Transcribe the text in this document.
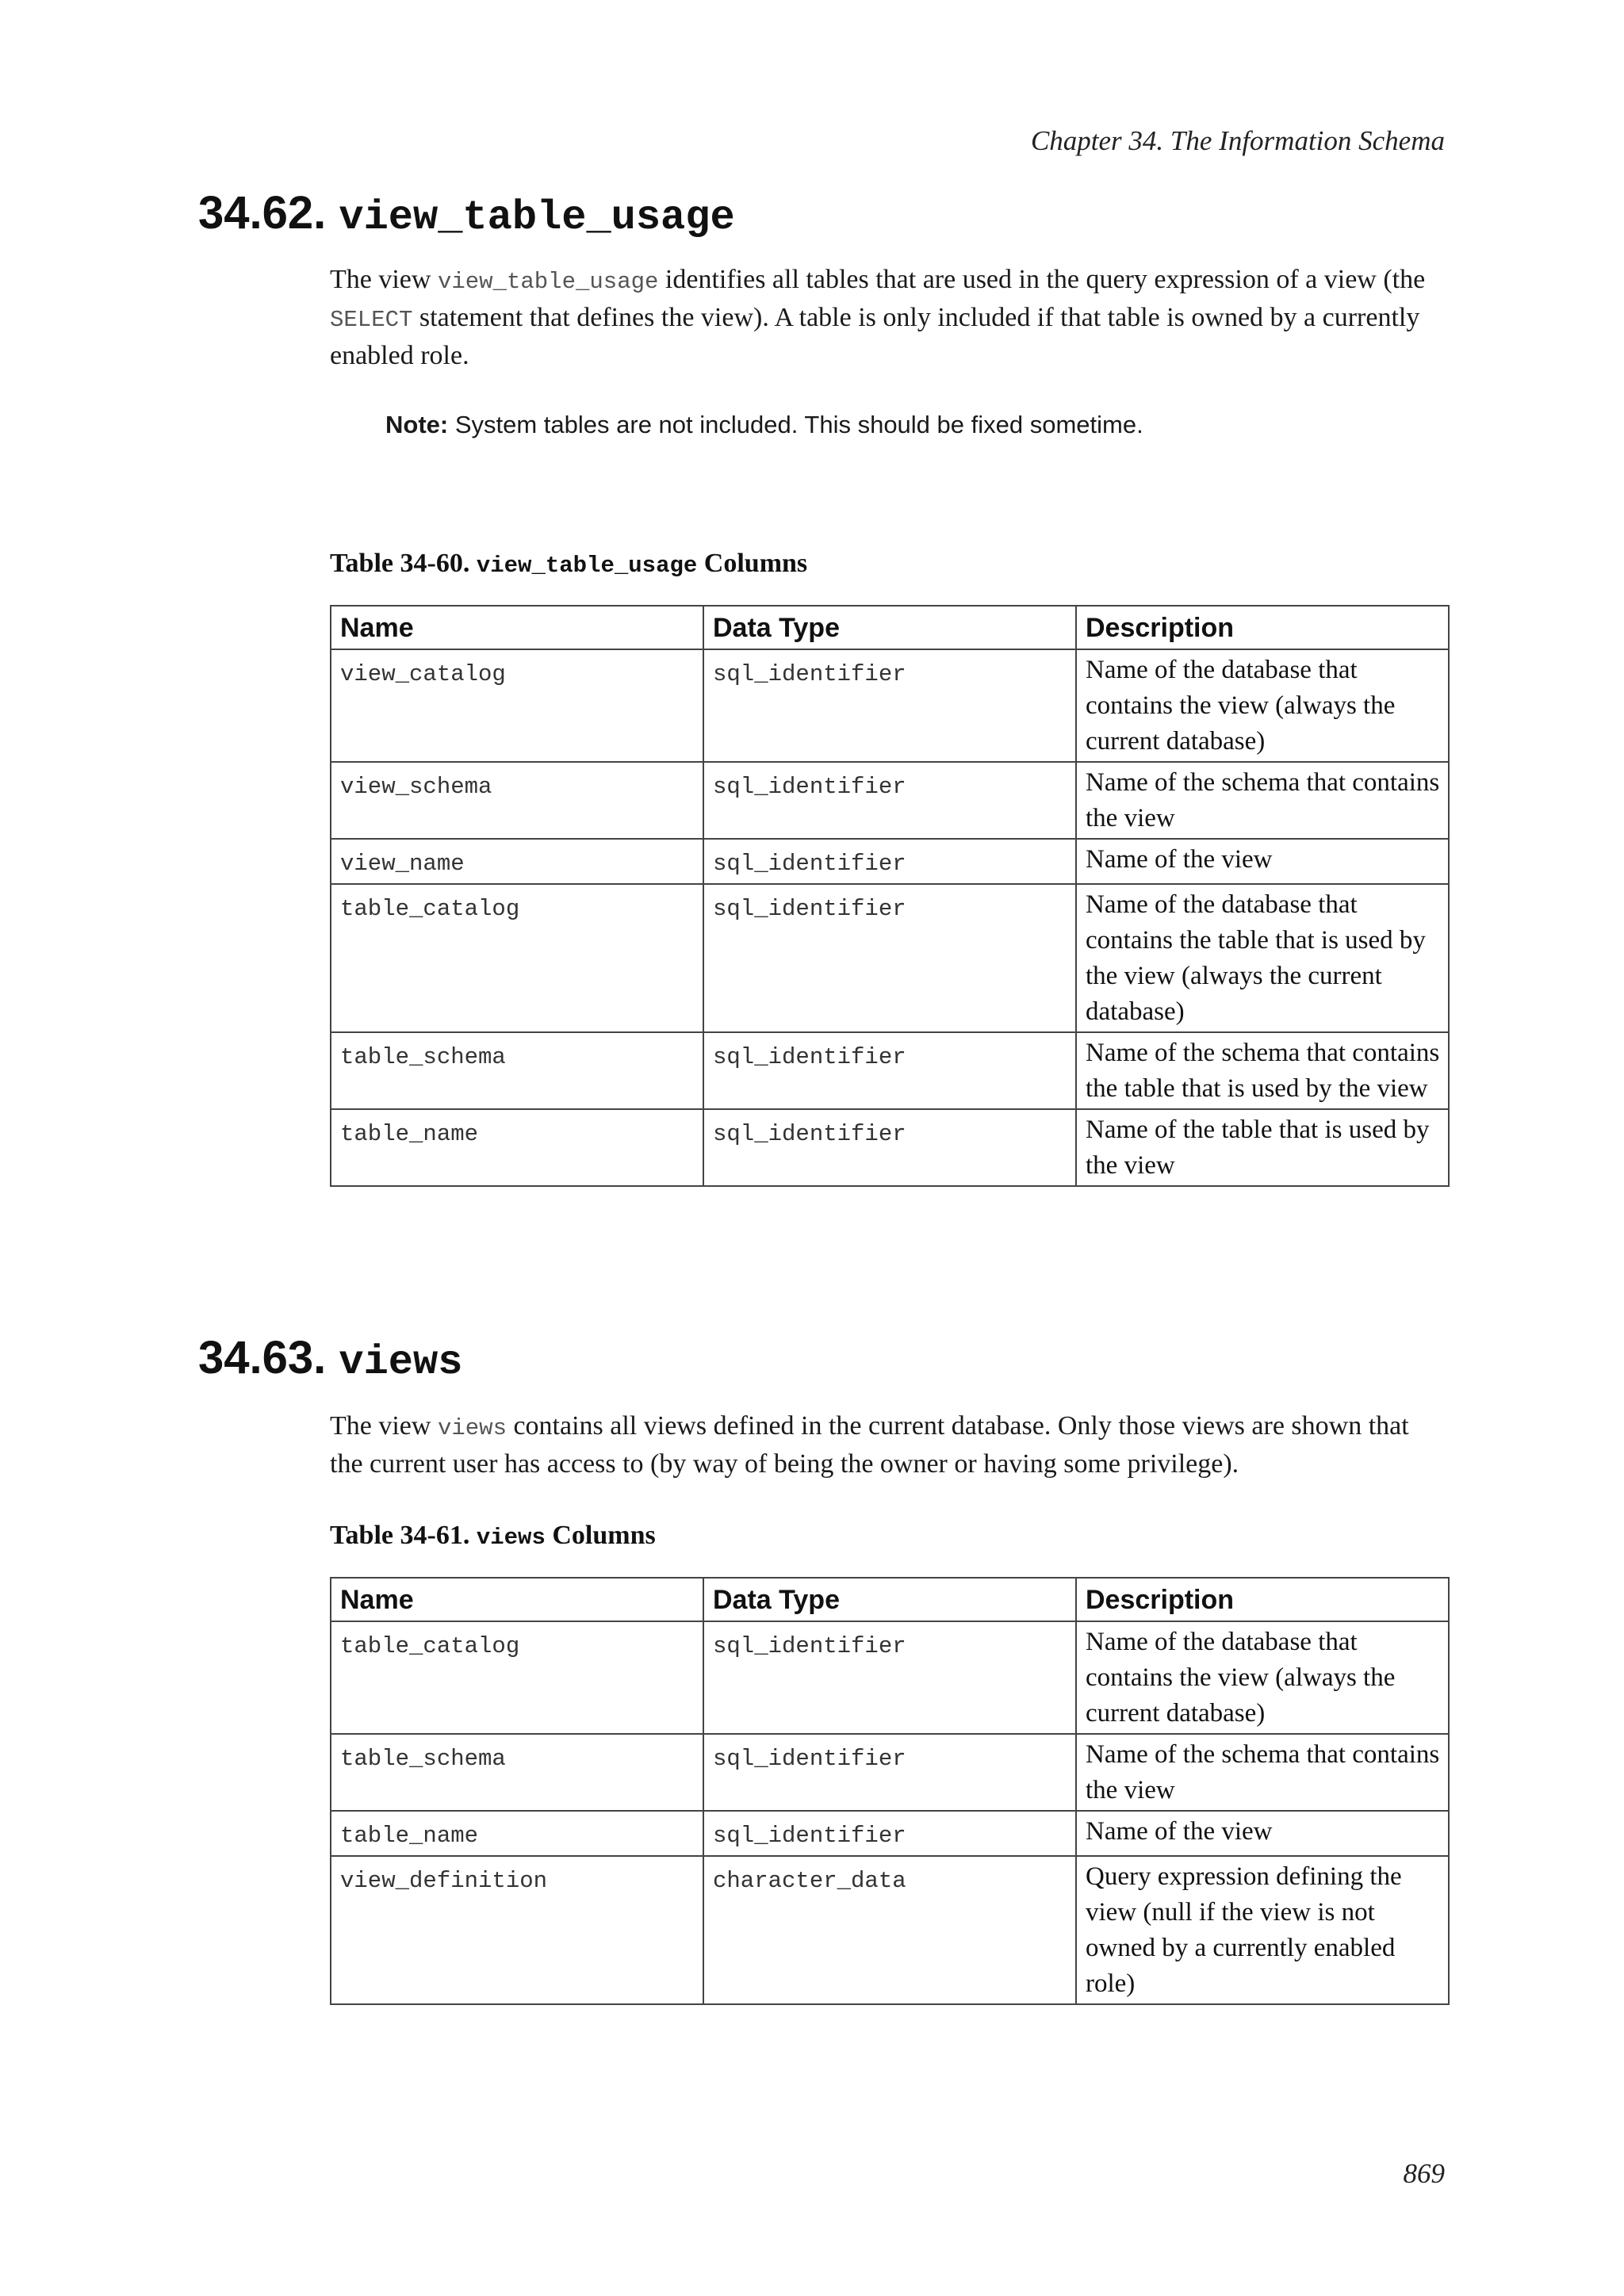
Chapter 34. The Information Schema
34.62. view_table_usage

The view view_table_usage identifies all tables that are used in the query expression of a view (the SELECT statement that defines the view). A table is only included if that table is owned by a currently enabled role.

Note: System tables are not included. This should be fixed sometime.
Table 34-60. view_table_usage Columns
Name	Data Type	Description
view_catalog	sql_identifier	Name of the database that contains the view (always the current database)
view_schema	sql_identifier	Name of the schema that contains the view
view_name	sql_identifier	Name of the view
table_catalog	sql_identifier	Name of the database that contains the table that is used by the view (always the current database)
table_schema	sql_identifier	Name of the schema that contains the table that is used by the view
table_name	sql_identifier	Name of the table that is used by the view
34.63. views

The view views contains all views defined in the current database. Only those views are shown that the current user has access to (by way of being the owner or having some privilege).

Table 34-61. views Columns
Name	Data Type	Description
table_catalog	sql_identifier	Name of the database that contains the view (always the current database)
table_schema	sql_identifier	Name of the schema that contains the view
table_name	sql_identifier	Name of the view
view_definition	character_data	Query expression defining the view (null if the view is not owned by a currently enabled role)
869
